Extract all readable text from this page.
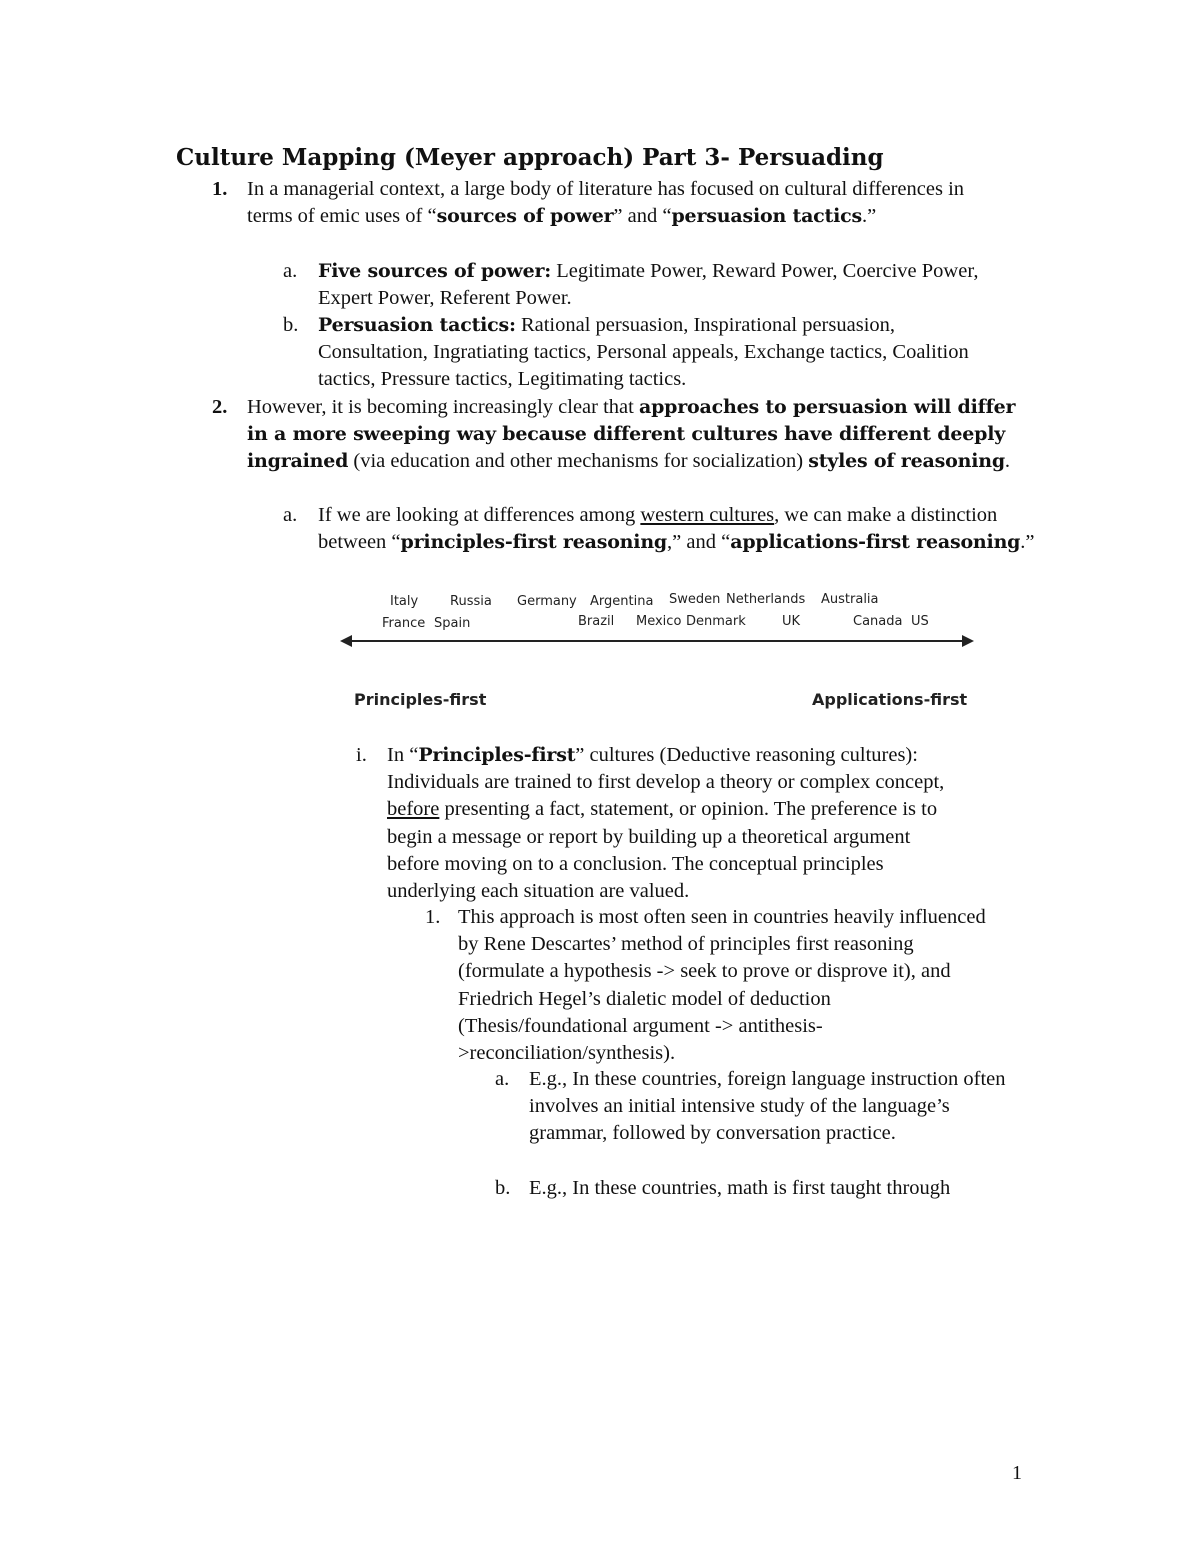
Culture Mapping (Meyer approach) Part 3- Persuading
1. In a managerial context, a large body of literature has focused on cultural differences in terms of emic uses of “sources of power” and “persuasion tactics.”

a. Five sources of power: Legitimate Power, Reward Power, Coercive Power, Expert Power, Referent Power.

b. Persuasion tactics: Rational persuasion, Inspirational persuasion, Consultation, Ingratiating tactics, Personal appeals, Exchange tactics, Coalition tactics, Pressure tactics, Legitimating tactics.

2. However, it is becoming increasingly clear that approaches to persuasion will differ in a more sweeping way because different cultures have different deeply ingrained (via education and other mechanisms for socialization) styles of reasoning.

a. If we are looking at differences among western cultures, we can make a distinction between “principles-first reasoning,” and “applications-first reasoning.”

Italy Russia Germany Argentina Sweden Netherlands Australia
France Spain	Brazil Mexico Denmark	UK	Canada US
Principles-first	Applications-first
i. In “Principles-first” cultures (Deductive reasoning cultures): Individuals are trained to first develop a theory or complex concept, before presenting a fact, statement, or opinion. The preference is to begin a message or report by building up a theoretical argument before moving on to a conclusion. The conceptual principles underlying each situation are valued.

1. This approach is most often seen in countries heavily influenced by Rene Descartes’ method of principles first reasoning (formulate a hypothesis -> seek to prove or disprove it), and Friedrich Hegel’s dialetic model of deduction (Thesis/foundational argument -> antithesis->reconciliation/synthesis).

a. E.g., In these countries, foreign language instruction often involves an initial intensive study of the language’s grammar, followed by conversation practice.

b. E.g., In these countries, math is first taught through

1
